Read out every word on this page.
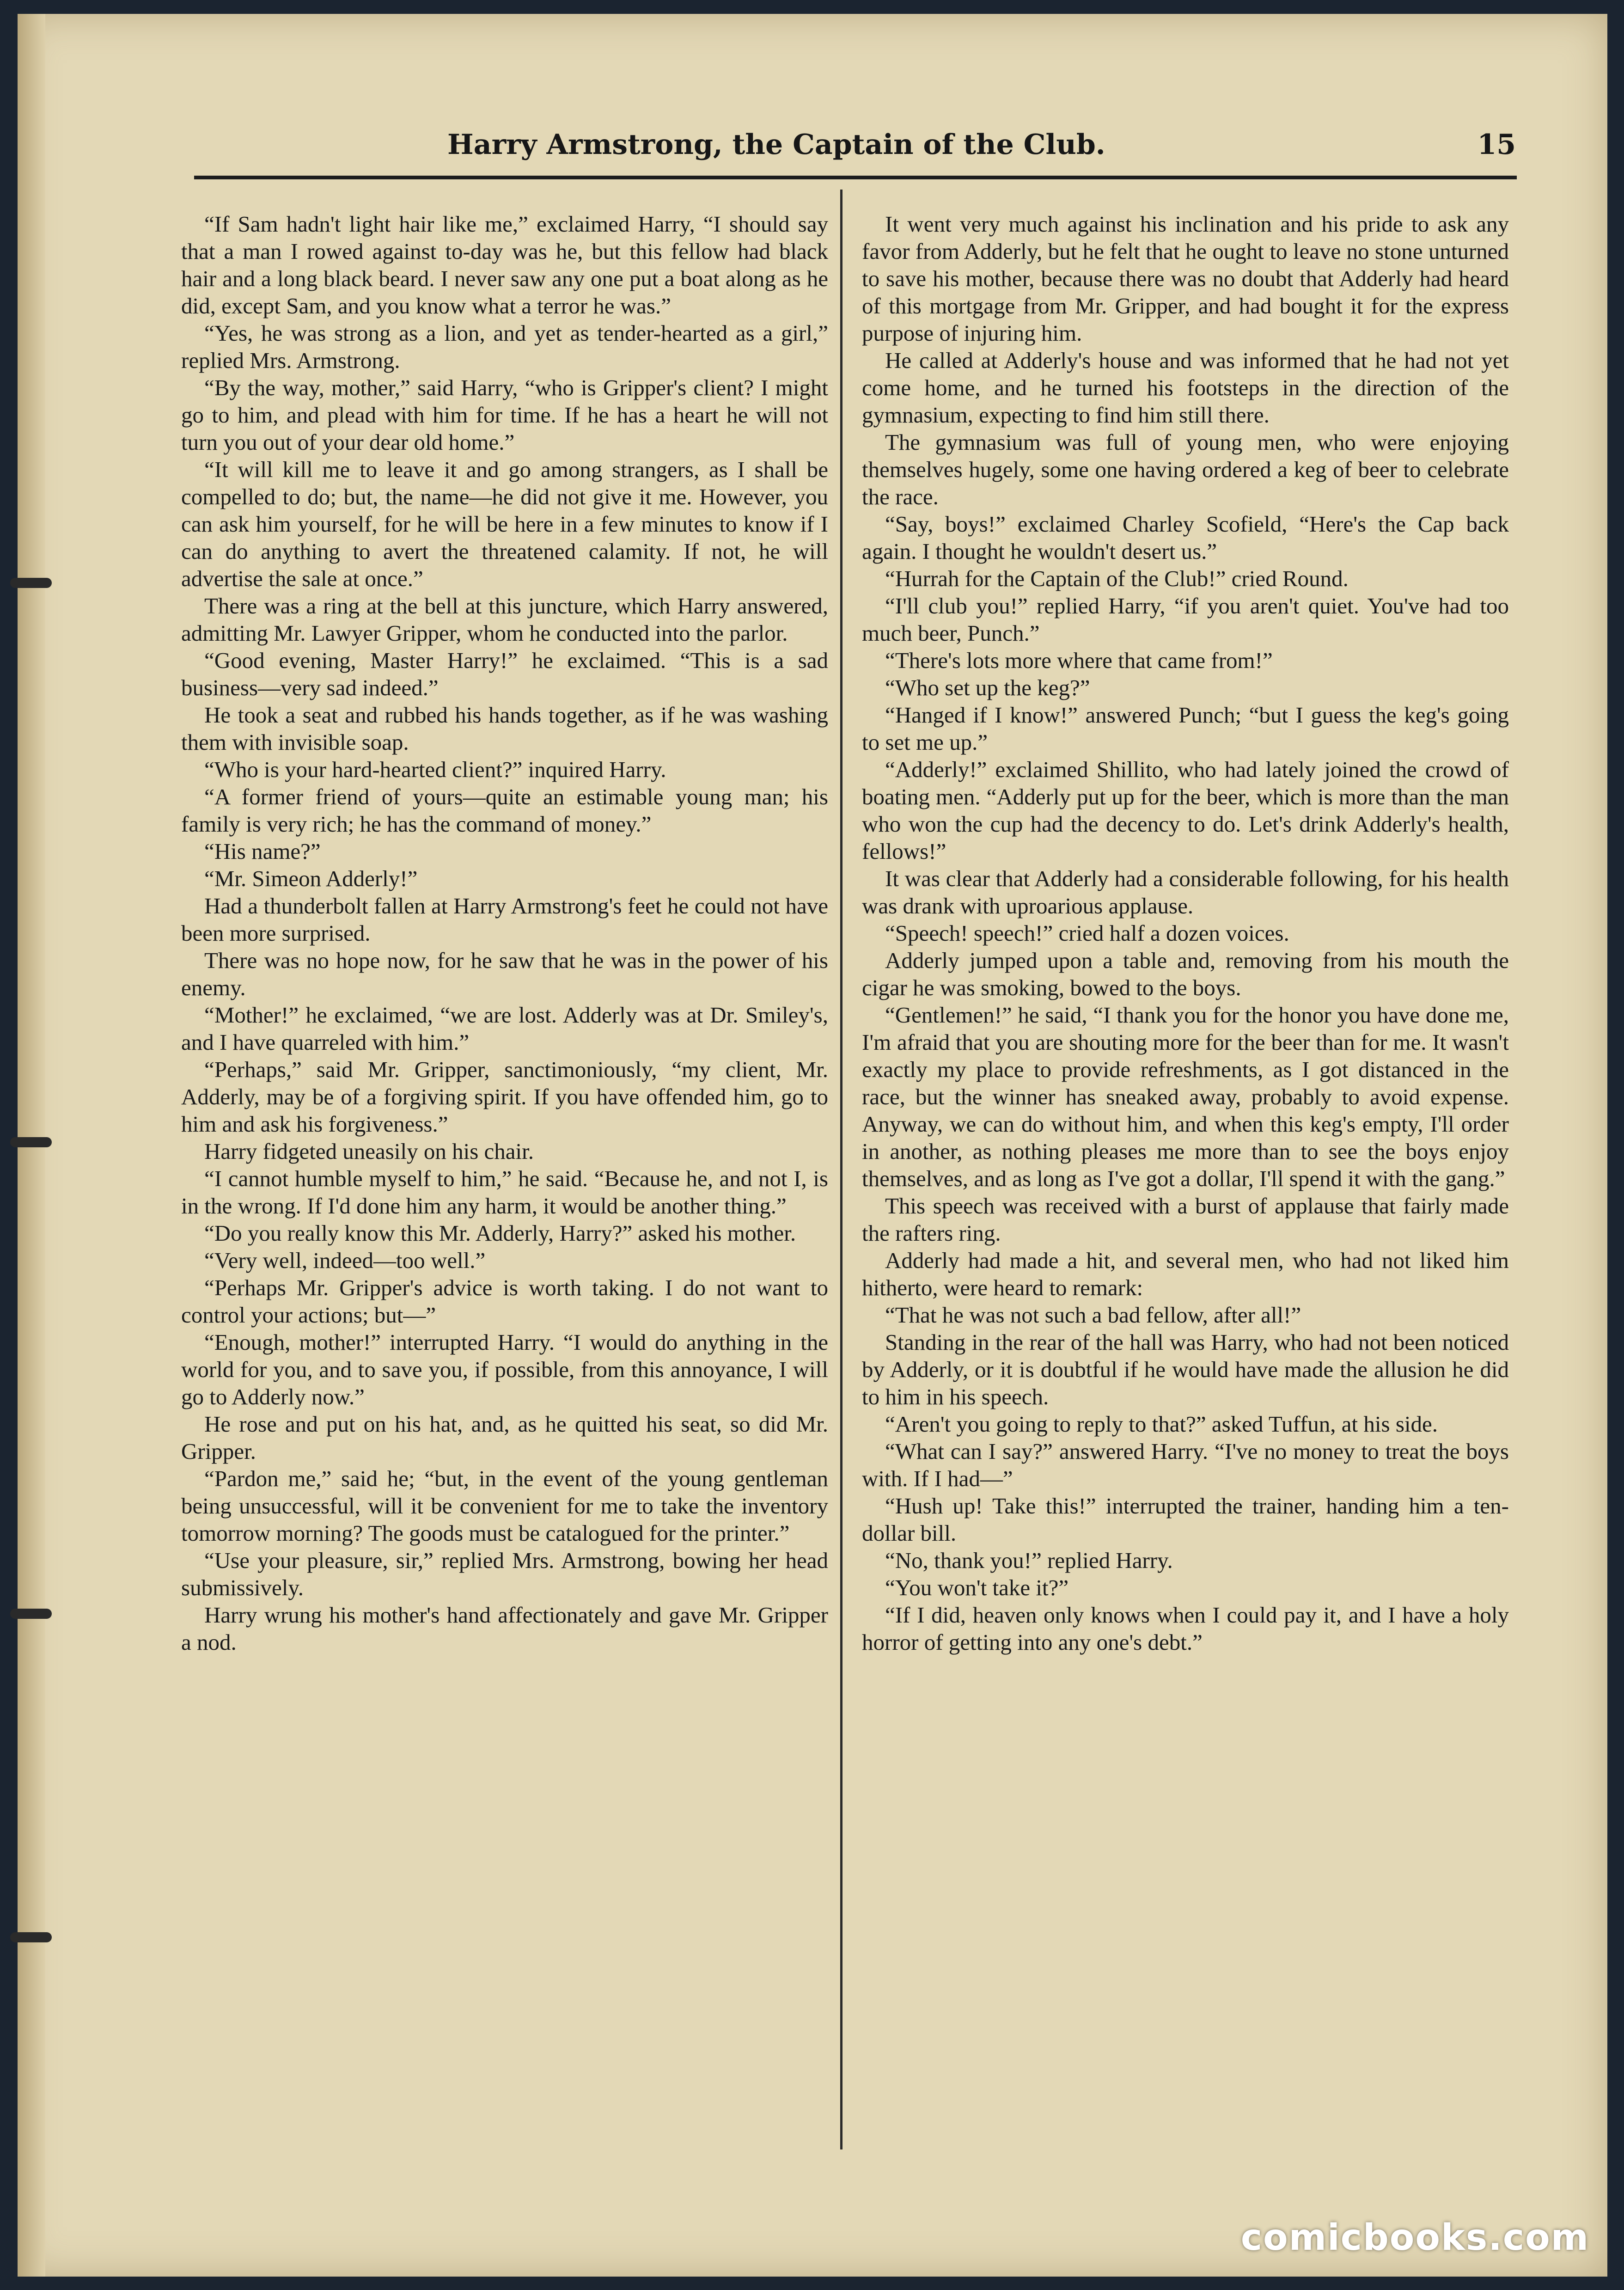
Harry Armstrong, the Captain of the Club.	15

“If Sam hadn't light hair like me,” exclaimed Harry, “I should say that a man I rowed against to-day was he, but this fellow had black hair and a long black beard. I never saw any one put a boat along as he did, except Sam, and you know what a terror he was.”

“Yes, he was strong as a lion, and yet as tender-hearted as a girl,” replied Mrs. Armstrong.

“By the way, mother,” said Harry, “who is Gripper's client? I might go to him, and plead with him for time. If he has a heart he will not turn you out of your dear old home.”

“It will kill me to leave it and go among strangers, as I shall be compelled to do; but, the name—he did not give it me. However, you can ask him yourself, for he will be here in a few minutes to know if I can do anything to avert the threatened calamity. If not, he will advertise the sale at once.”

There was a ring at the bell at this juncture, which Harry answered, admitting Mr. Lawyer Gripper, whom he conducted into the parlor.

“Good evening, Master Harry!” he exclaimed. “This is a sad business—very sad indeed.”

He took a seat and rubbed his hands together, as if he was washing them with invisible soap.

“Who is your hard-hearted client?” inquired Harry.

“A former friend of yours—quite an estimable young man; his family is very rich; he has the command of money.”

“His name?”

“Mr. Simeon Adderly!”

Had a thunderbolt fallen at Harry Armstrong's feet he could not have been more surprised.

There was no hope now, for he saw that he was in the power of his enemy.

“Mother!” he exclaimed, “we are lost. Adderly was at Dr. Smiley's, and I have quarreled with him.”

“Perhaps,” said Mr. Gripper, sanctimoniously, “my client, Mr. Adderly, may be of a forgiving spirit. If you have offended him, go to him and ask his forgiveness.”

Harry fidgeted uneasily on his chair.

“I cannot humble myself to him,” he said. “Because he, and not I, is in the wrong. If I'd done him any harm, it would be another thing.”

“Do you really know this Mr. Adderly, Harry?” asked his mother.

“Very well, indeed—too well.”

“Perhaps Mr. Gripper's advice is worth taking. I do not want to control your actions; but—”

“Enough, mother!” interrupted Harry. “I would do anything in the world for you, and to save you, if possible, from this annoyance, I will go to Adderly now.”

He rose and put on his hat, and, as he quitted his seat, so did Mr. Gripper.

“Pardon me,” said he; “but, in the event of the young gentleman being unsuccessful, will it be convenient for me to take the inventory tomorrow morning? The goods must be catalogued for the printer.”

“Use your pleasure, sir,” replied Mrs. Armstrong, bowing her head submissively.

Harry wrung his mother's hand affectionately and gave Mr. Gripper a nod.

It went very much against his inclination and his pride to ask any favor from Adderly, but he felt that he ought to leave no stone unturned to save his mother, because there was no doubt that Adderly had heard of this mortgage from Mr. Gripper, and had bought it for the express purpose of injuring him.

He called at Adderly's house and was informed that he had not yet come home, and he turned his footsteps in the direction of the gymnasium, expecting to find him still there.

The gymnasium was full of young men, who were enjoying themselves hugely, some one having ordered a keg of beer to celebrate the race.

“Say, boys!” exclaimed Charley Scofield, “Here's the Cap back again. I thought he wouldn't desert us.”

“Hurrah for the Captain of the Club!” cried Round.

“I'll club you!” replied Harry, “if you aren't quiet. You've had too much beer, Punch.”

“There's lots more where that came from!”

“Who set up the keg?”

“Hanged if I know!” answered Punch; “but I guess the keg's going to set me up.”

“Adderly!” exclaimed Shillito, who had lately joined the crowd of boating men. “Adderly put up for the beer, which is more than the man who won the cup had the decency to do. Let's drink Adderly's health, fellows!”

It was clear that Adderly had a considerable following, for his health was drank with uproarious applause.

“Speech! speech!” cried half a dozen voices.

Adderly jumped upon a table and, removing from his mouth the cigar he was smoking, bowed to the boys.

“Gentlemen!” he said, “I thank you for the honor you have done me, I'm afraid that you are shouting more for the beer than for me. It wasn't exactly my place to provide refreshments, as I got distanced in the race, but the winner has sneaked away, probably to avoid expense. Anyway, we can do without him, and when this keg's empty, I'll order in another, as nothing pleases me more than to see the boys enjoy themselves, and as long as I've got a dollar, I'll spend it with the gang.”

This speech was received with a burst of applause that fairly made the rafters ring.

Adderly had made a hit, and several men, who had not liked him hitherto, were heard to remark:

“That he was not such a bad fellow, after all!”

Standing in the rear of the hall was Harry, who had not been noticed by Adderly, or it is doubtful if he would have made the allusion he did to him in his speech.

“Aren't you going to reply to that?” asked Tuffun, at his side.

“What can I say?” answered Harry. “I've no money to treat the boys with. If I had—”

“Hush up! Take this!” interrupted the trainer, handing him a ten-dollar bill.

“No, thank you!” replied Harry.

“You won't take it?”

“If I did, heaven only knows when I could pay it, and I have a holy horror of getting into any one's debt.”

comicbooks.com
